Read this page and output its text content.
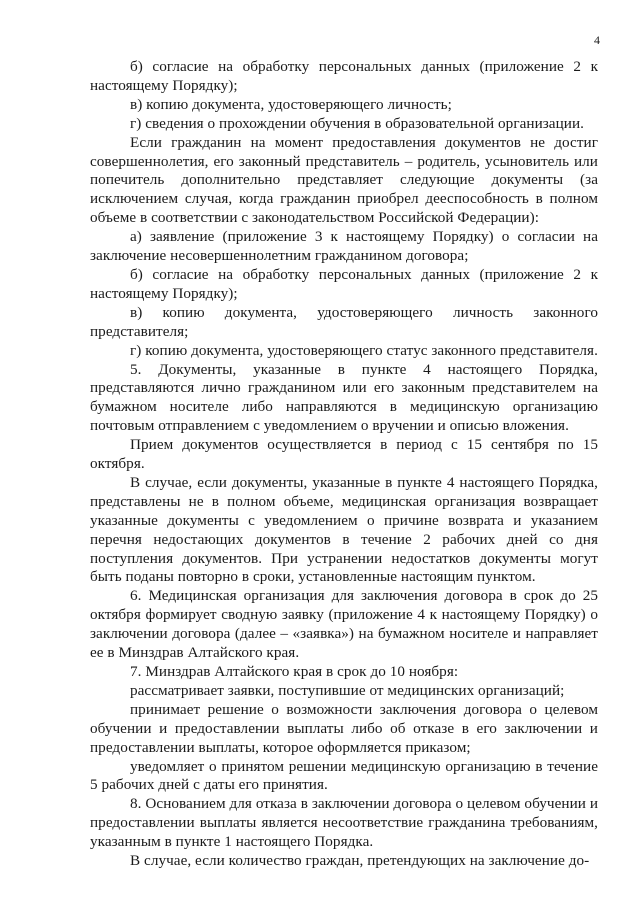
4

б) согласие на обработку персональных данных (приложение 2 к настоящему Порядку);

в) копию документа, удостоверяющего личность;

г) сведения о прохождении обучения в образовательной организации.

Если гражданин на момент предоставления документов не достиг совершеннолетия, его законный представитель – родитель, усыновитель или попечитель дополнительно представляет следующие документы (за исключением случая, когда гражданин приобрел дееспособность в полном объеме в соответствии с законодательством Российской Федерации):

а) заявление (приложение 3 к настоящему Порядку) о согласии на заключение несовершеннолетним гражданином договора;

б) согласие на обработку персональных данных (приложение 2 к настоящему Порядку);

в) копию документа, удостоверяющего личность законного представителя;

г) копию документа, удостоверяющего статус законного представителя.

5. Документы, указанные в пункте 4 настоящего Порядка, представляются лично гражданином или его законным представителем на бумажном носителе либо направляются в медицинскую организацию почтовым отправлением с уведомлением о вручении и описью вложения.

Прием документов осуществляется в период с 15 сентября по 15 октября.

В случае, если документы, указанные в пункте 4 настоящего Порядка, представлены не в полном объеме, медицинская организация возвращает указанные документы с уведомлением о причине возврата и указанием перечня недостающих документов в течение 2 рабочих дней со дня поступления документов. При устранении недостатков документы могут быть поданы повторно в сроки, установленные настоящим пунктом.

6. Медицинская организация для заключения договора в срок до 25 октября формирует сводную заявку (приложение 4 к настоящему Порядку) о заключении договора (далее – «заявка») на бумажном носителе и направляет ее в Минздрав Алтайского края.

7. Минздрав Алтайского края в срок до 10 ноября:

рассматривает заявки, поступившие от медицинских организаций;

принимает решение о возможности заключения договора о целевом обучении и предоставлении выплаты либо об отказе в его заключении и предоставлении выплаты, которое оформляется приказом;

уведомляет о принятом решении медицинскую организацию в течение 5 рабочих дней с даты его принятия.

8. Основанием для отказа в заключении договора о целевом обучении и предоставлении выплаты является несоответствие гражданина требованиям, указанным в пункте 1 настоящего Порядка.

В случае, если количество граждан, претендующих на заключение до-
